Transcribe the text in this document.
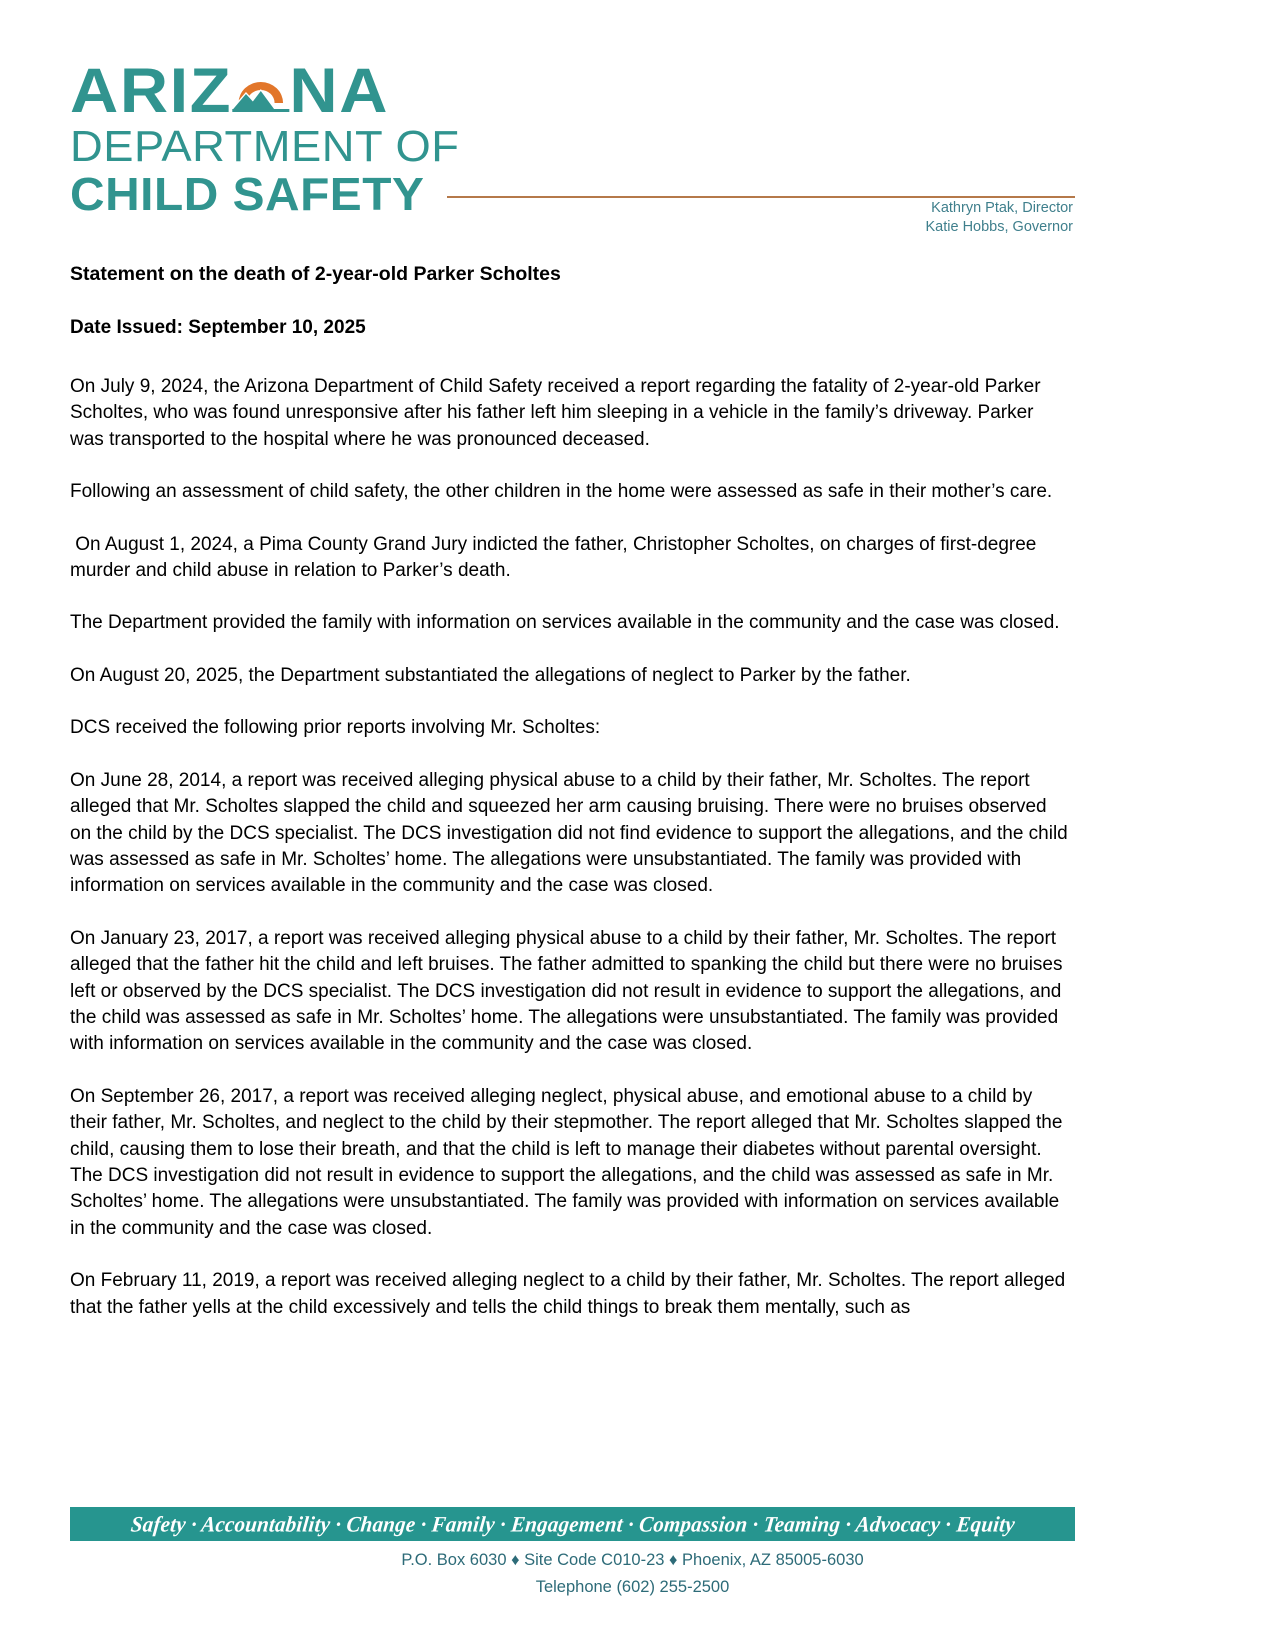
ARIZ NA
DEPARTMENT OF
CHILD SAFETY	Kathryn Ptak, Director
Katie Hobbs, Governor
Statement on the death of 2-year-old Parker Scholtes
Date Issued: September 10, 2025

On July 9, 2024, the Arizona Department of Child Safety received a report regarding the fatality of 2-year-old Parker Scholtes, who was found unresponsive after his father left him sleeping in a vehicle in the family’s driveway. Parker was transported to the hospital where he was pronounced deceased.

Following an assessment of child safety, the other children in the home were assessed as safe in their mother’s care.

On August 1, 2024, a Pima County Grand Jury indicted the father, Christopher Scholtes, on charges of first-degree murder and child abuse in relation to Parker’s death.

The Department provided the family with information on services available in the community and the case was closed.

On August 20, 2025, the Department substantiated the allegations of neglect to Parker by the father.

DCS received the following prior reports involving Mr. Scholtes:

On June 28, 2014, a report was received alleging physical abuse to a child by their father, Mr. Scholtes. The report alleged that Mr. Scholtes slapped the child and squeezed her arm causing bruising. There were no bruises observed on the child by the DCS specialist. The DCS investigation did not find evidence to support the allegations, and the child was assessed as safe in Mr. Scholtes’ home. The allegations were unsubstantiated. The family was provided with information on services available in the community and the case was closed.

On January 23, 2017, a report was received alleging physical abuse to a child by their father, Mr. Scholtes. The report alleged that the father hit the child and left bruises. The father admitted to spanking the child but there were no bruises left or observed by the DCS specialist. The DCS investigation did not result in evidence to support the allegations, and the child was assessed as safe in Mr. Scholtes’ home. The allegations were unsubstantiated. The family was provided with information on services available in the community and the case was closed.

On September 26, 2017, a report was received alleging neglect, physical abuse, and emotional abuse to a child by their father, Mr. Scholtes, and neglect to the child by their stepmother. The report alleged that Mr. Scholtes slapped the child, causing them to lose their breath, and that the child is left to manage their diabetes without parental oversight. The DCS investigation did not result in evidence to support the allegations, and the child was assessed as safe in Mr. Scholtes’ home. The allegations were unsubstantiated. The family was provided with information on services available in the community and the case was closed.

On February 11, 2019, a report was received alleging neglect to a child by their father, Mr. Scholtes. The report alleged that the father yells at the child excessively and tells the child things to break them mentally, such as

Safety · Accountability · Change · Family · Engagement · Compassion · Teaming · Advocacy · Equity
P.O. Box 6030 ♦ Site Code C010-23 ♦ Phoenix, AZ 85005-6030
Telephone (602) 255-2500
